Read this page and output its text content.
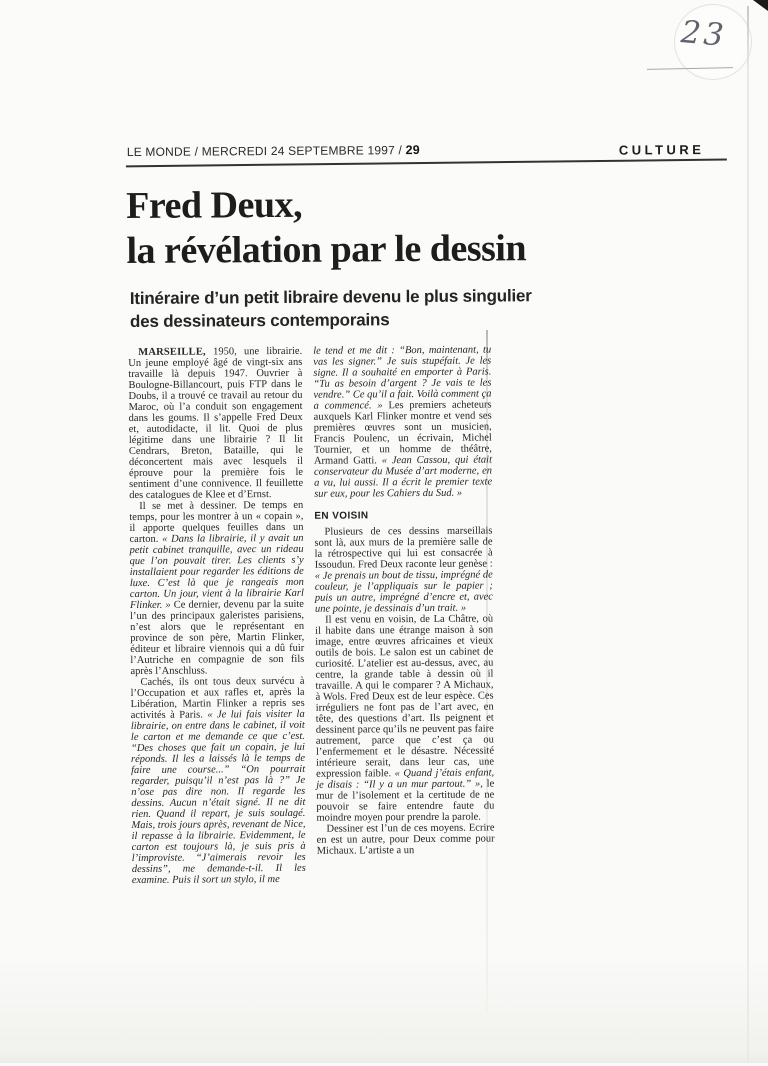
23
LE MONDE / MERCREDI 24 SEPTEMBRE 1997 / 29	CULTURE
Fred Deux,
la révélation par le dessin
Itinéraire d’un petit libraire devenu le plus singulier
des dessinateurs contemporains

MARSEILLE, 1950, une librairie. Un jeune employé âgé de vingt-six ans travaille là depuis 1947. Ouvrier à Boulogne-Billancourt, puis FTP dans le Doubs, il a trouvé ce travail au retour du Maroc, où l’a conduit son engagement dans les goums. Il s’appelle Fred Deux et, autodidacte, il lit. Quoi de plus légitime dans une librairie ? Il lit Cendrars, Breton, Bataille, qui le déconcertent mais avec lesquels il éprouve pour la première fois le sentiment d’une connivence. Il feuillette des catalogues de Klee et d’Ernst.

Il se met à dessiner. De temps en temps, pour les montrer à un « copain », il apporte quelques feuilles dans un carton. « Dans la librairie, il y avait un petit cabinet tranquille, avec un rideau que l’on pouvait tirer. Les clients s’y installaient pour regarder les éditions de luxe. C’est là que je rangeais mon carton. Un jour, vient à la librairie Karl Flinker. » Ce dernier, devenu par la suite l’un des principaux galeristes parisiens, n’est alors que le représentant en province de son père, Martin Flinker, éditeur et libraire viennois qui a dû fuir l’Autriche en compagnie de son fils après l’Anschluss.

Cachés, ils ont tous deux survécu à l’Occupation et aux rafles et, après la Libération, Martin Flinker a repris ses activités à Paris. « Je lui fais visiter la librairie, on entre dans le cabinet, il voit le carton et me demande ce que c’est. “Des choses que fait un copain, je lui réponds. Il les a laissés là le temps de faire une course...” “On pourrait regarder, puisqu’il n’est pas là ?” Je n’ose pas dire non. Il regarde les dessins. Aucun n’était signé. Il ne dit rien. Quand il repart, je suis soulagé. Mais, trois jours après, revenant de Nice, il repasse à la librairie. Evidemment, le carton est toujours là, je suis pris à l’improviste. “J’aimerais revoir les dessins”, me demande-t-il. Il les examine. Puis il sort un stylo, il me

le tend et me dit : “Bon, maintenant, tu vas les signer.” Je suis stupéfait. Je les signe. Il a souhaité en emporter à Paris. “Tu as besoin d’argent ? Je vais te les vendre.” Ce qu’il a fait. Voilà comment ça a commencé. » Les premiers acheteurs auxquels Karl Flinker montre et vend ses premières œuvres sont un musicien, Francis Poulenc, un écrivain, Michel Tournier, et un homme de théâtre, Armand Gatti. « Jean Cassou, qui était conservateur du Musée d’art moderne, en a vu, lui aussi. Il a écrit le premier texte sur eux, pour les Cahiers du Sud. »

EN VOISIN

Plusieurs de ces dessins marseillais sont là, aux murs de la première salle de la rétrospective qui lui est consacrée à Issoudun. Fred Deux raconte leur genèse : « Je prenais un bout de tissu, imprégné de couleur, je l’appliquais sur le papier ; puis un autre, imprégné d’encre et, avec une pointe, je dessinais d’un trait. »

Il est venu en voisin, de La Châtre, où il habite dans une étrange maison à son image, entre œuvres africaines et vieux outils de bois. Le salon est un cabinet de curiosité. L’atelier est au-dessus, avec, au centre, la grande table à dessin où il travaille. A qui le comparer ? A Michaux, à Wols. Fred Deux est de leur espèce. Ces irréguliers ne font pas de l’art avec, en tête, des questions d’art. Ils peignent et dessinent parce qu’ils ne peuvent pas faire autrement, parce que c’est ça ou l’enfermement et le désastre. Nécessité intérieure serait, dans leur cas, une expression faible. « Quand j’étais enfant, je disais : “Il y a un mur partout.” », le mur de l’isolement et la certitude de ne pouvoir se faire entendre faute du moindre moyen pour prendre la parole.

Dessiner est l’un de ces moyens. Ecrire en est un autre, pour Deux comme pour Michaux. L’artiste a un
